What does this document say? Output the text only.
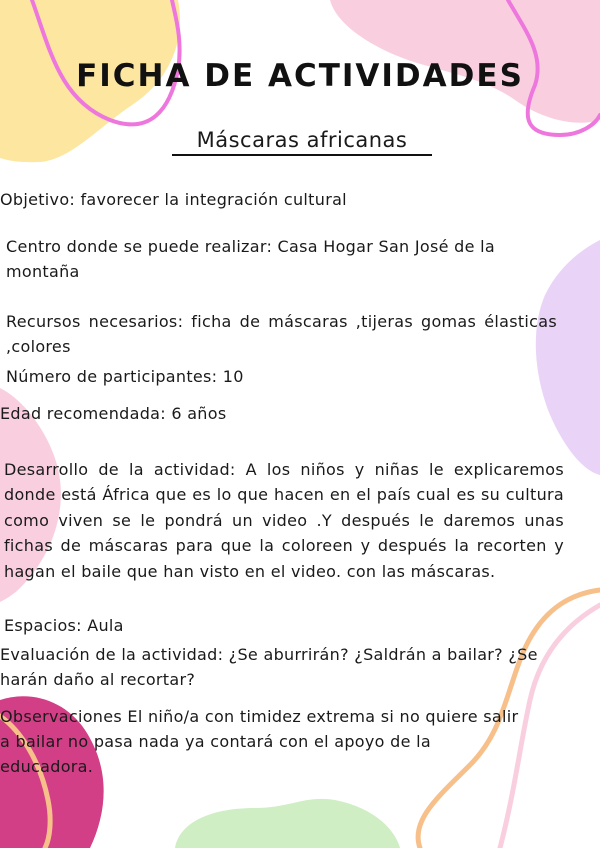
FICHA DE ACTIVIDADES
Máscaras africanas
Objetivo: favorecer la integración cultural
Centro donde se puede realizar: Casa Hogar San José de la
montaña
Recursos necesarios: ficha de máscaras ,tijeras gomas élasticas ,colores
Número de participantes: 10
Edad recomendada: 6 años
Desarrollo de la actividad: A los niños y niñas le explicaremos donde está África que es lo que hacen en el país cual es su cultura como viven se le pondrá un video .Y después le daremos unas fichas de máscaras para que la coloreen y después la recorten y hagan el baile que han visto en el video. con las máscaras.
Espacios: Aula
Evaluación de la actividad: ¿Se aburrirán? ¿Saldrán a bailar? ¿Se harán daño al recortar?
Observaciones El niño/a con timidez extrema si no quiere salir a bailar no pasa nada ya contará con el apoyo de la educadora.
